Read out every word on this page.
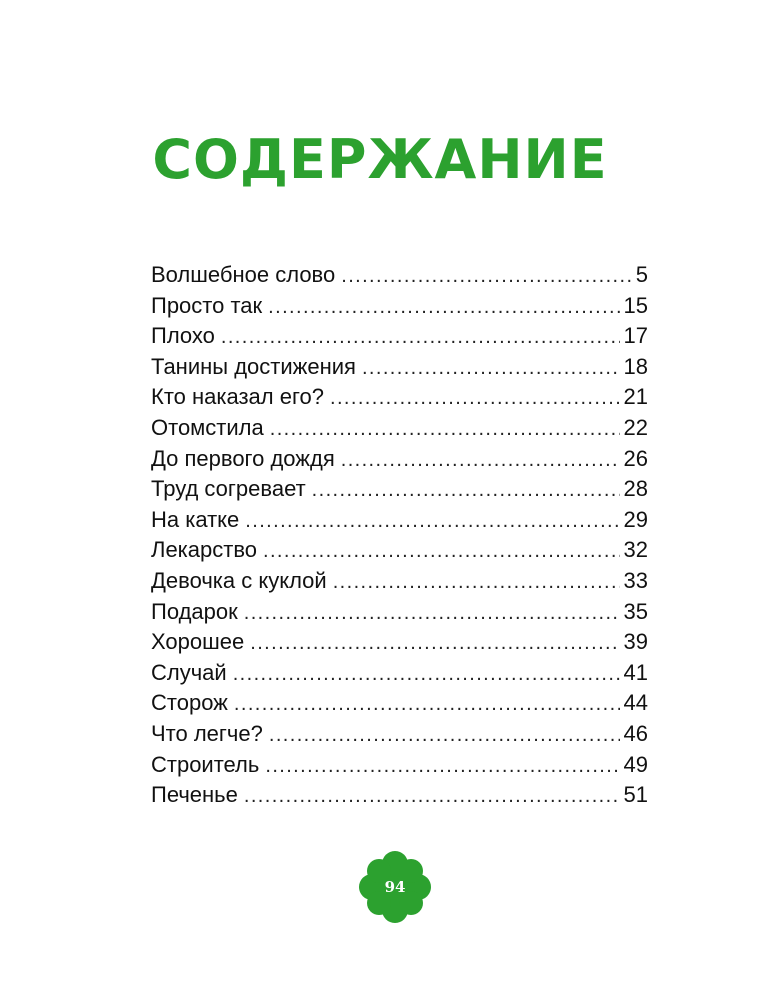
СОДЕРЖАНИЕ
Волшебное слово .....	5
Просто так .....	15
Плохо .....	17
Танины достижения .....	18
Кто наказал его? .....	21
Отомстила .....	22
До первого дождя .....	26
Труд согревает .....	28
На катке .....	29
Лекарство .....	32
Девочка с куклой .....	33
Подарок .....	35
Хорошее .....	39
Случай .....	41
Сторож .....	44
Что легче? .....	46
Строитель .....	49
Печенье .....	51
94
